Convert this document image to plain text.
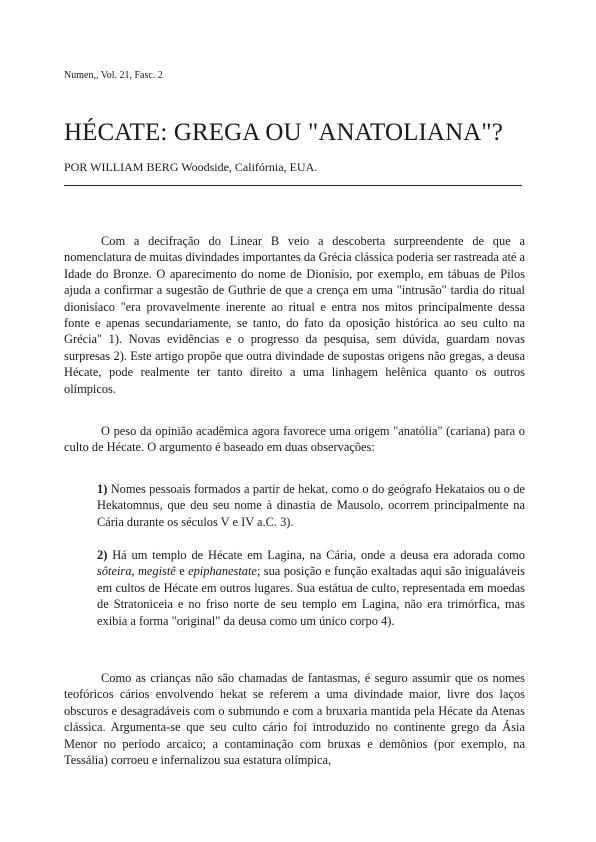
Numen,, Vol. 21, Fasc. 2
HÉCATE: GREGA OU "ANATOLIANA"?
POR WILLIAM BERG Woodside, Califórnia, EUA.

Com a decifração do Linear B veio a descoberta surpreendente de que a nomenclatura de muitas divindades importantes da Grécia clássica poderia ser rastreada até a Idade do Bronze. O aparecimento do nome de Dionísio, por exemplo, em tábuas de Pilos ajuda a confirmar a sugestão de Guthrie de que a crença em uma "intrusão" tardia do ritual dionisíaco "era provavelmente inerente ao ritual e entra nos mitos principalmente dessa fonte e apenas secundariamente, se tanto, do fato da oposição histórica ao seu culto na Grécia" 1). Novas evidências e o progresso da pesquisa, sem dúvida, guardam novas surpresas 2). Este artigo propõe que outra divindade de supostas origens não gregas, a deusa Hécate, pode realmente ter tanto direito a uma linhagem helênica quanto os outros olímpicos.

O peso da opinião acadêmica agora favorece uma origem "anatólia" (cariana) para o culto de Hécate. O argumento é baseado em duas observações:

1) Nomes pessoais formados a partir de hekat, como o do geógrafo Hekataios ou o de Hekatomnus, que deu seu nome à dinastia de Mausolo, ocorrem principalmente na Cária durante os séculos V e IV a.C. 3).

2) Há um templo de Hécate em Lagina, na Cária, onde a deusa era adorada como sôteira, megistê e epiphanestate; sua posição e função exaltadas aqui são inigualáveis em cultos de Hécate em outros lugares. Sua estátua de culto, representada em moedas de Stratoniceia e no friso norte de seu templo em Lagina, não era trimórfica, mas exibia a forma "original" da deusa como um único corpo 4).

Como as crianças não são chamadas de fantasmas, é seguro assumir que os nomes teofóricos cários envolvendo hekat se referem a uma divindade maior, livre dos laços obscuros e desagradáveis com o submundo e com a bruxaria mantida pela Hécate da Atenas clássica. Argumenta-se que seu culto cário foi introduzido no continente grego da Ásia Menor no período arcaico; a contaminação com bruxas e demônios (por exemplo, na Tessália) corroeu e infernalizou sua estatura olímpica,
